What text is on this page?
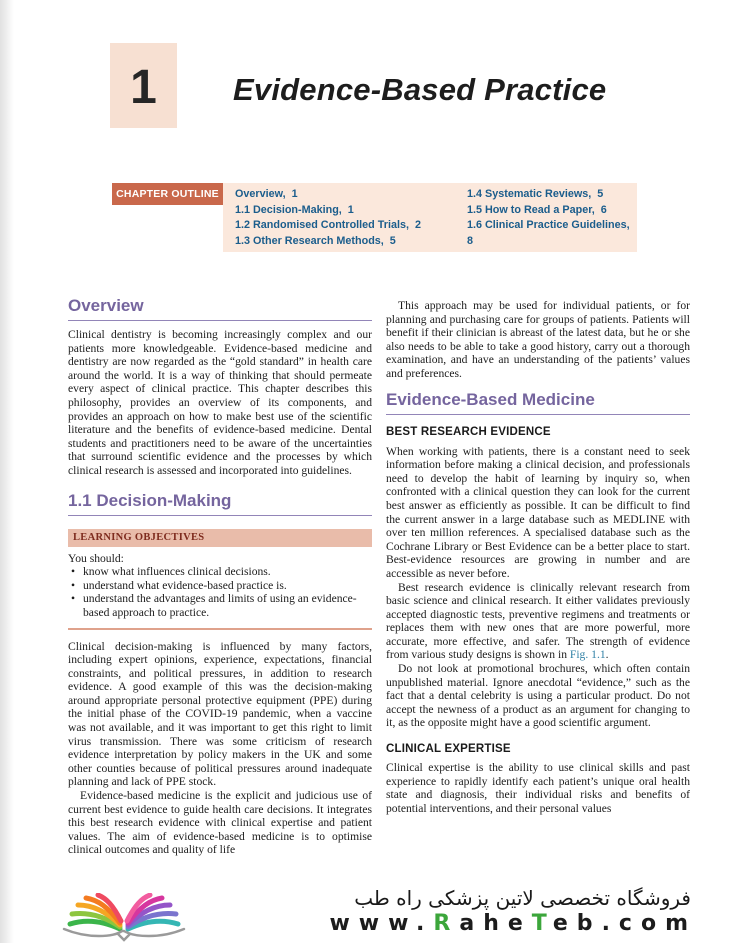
1 Evidence-Based Practice
CHAPTER OUTLINE	Overview,  1
1.1 Decision-Making,  1
1.2 Randomised Controlled Trials,  2
1.3 Other Research Methods,  5
1.4 Systematic Reviews,  5
1.5 How to Read a Paper,  6
1.6 Clinical Practice Guidelines,  8
Overview

Clinical dentistry is becoming increasingly complex and our patients more knowledgeable. Evidence-based medicine and dentistry are now regarded as the “gold standard” in health care around the world. It is a way of thinking that should permeate every aspect of clinical practice. This chapter describes this philosophy, provides an overview of its components, and provides an approach on how to make best use of the scientific literature and the benefits of evidence-based medicine. Dental students and practitioners need to be aware of the uncertainties that surround scientific evidence and the processes by which clinical research is assessed and incorporated into guidelines.

1.1 Decision-Making
LEARNING OBJECTIVES

You should:

• know what influences clinical decisions.
• understand what evidence-based practice is.
• understand the advantages and limits of using an evidence-based approach to practice.

Clinical decision-making is influenced by many factors, including expert opinions, experience, expectations, financial constraints, and political pressures, in addition to research evidence. A good example of this was the decision-making around appropriate personal protective equipment (PPE) during the initial phase of the COVID-19 pandemic, when a vaccine was not available, and it was important to get this right to limit virus transmission. There was some criticism of research evidence interpretation by policy makers in the UK and some other counties because of political pressures around inadequate planning and lack of PPE stock.

Evidence-based medicine is the explicit and judicious use of current best evidence to guide health care decisions. It integrates this best research evidence with clinical expertise and patient values. The aim of evidence-based medicine is to optimise clinical outcomes and quality of life

This approach may be used for individual patients, or for planning and purchasing care for groups of patients. Patients will benefit if their clinician is abreast of the latest data, but he or she also needs to be able to take a good history, carry out a thorough examination, and have an understanding of the patients’ values and preferences.

Evidence-Based Medicine
BEST RESEARCH EVIDENCE

When working with patients, there is a constant need to seek information before making a clinical decision, and professionals need to develop the habit of learning by inquiry so, when confronted with a clinical question they can look for the current best answer as efficiently as possible. It can be difficult to find the current answer in a large database such as MEDLINE with over ten million references. A specialised database such as the Cochrane Library or Best Evidence can be a better place to start. Best-evidence resources are growing in number and are accessible as never before.

Best research evidence is clinically relevant research from basic science and clinical research. It either validates previously accepted diagnostic tests, preventive regimens and treatments or replaces them with new ones that are more powerful, more accurate, more effective, and safer. The strength of evidence from various study designs is shown in Fig. 1.1.

Do not look at promotional brochures, which often contain unpublished material. Ignore anecdotal “evidence,” such as the fact that a dental celebrity is using a particular product. Do not accept the newness of a product as an argument for changing to it, as the opposite might have a good scientific argument.

CLINICAL EXPERTISE

Clinical expertise is the ability to use clinical skills and past experience to rapidly identify each patient’s unique oral health state and diagnosis, their individual risks and benefits of potential interventions, and their personal values

فروشگاه تخصصی لاتین پزشکی راه طب
www.RaheTeb.com
